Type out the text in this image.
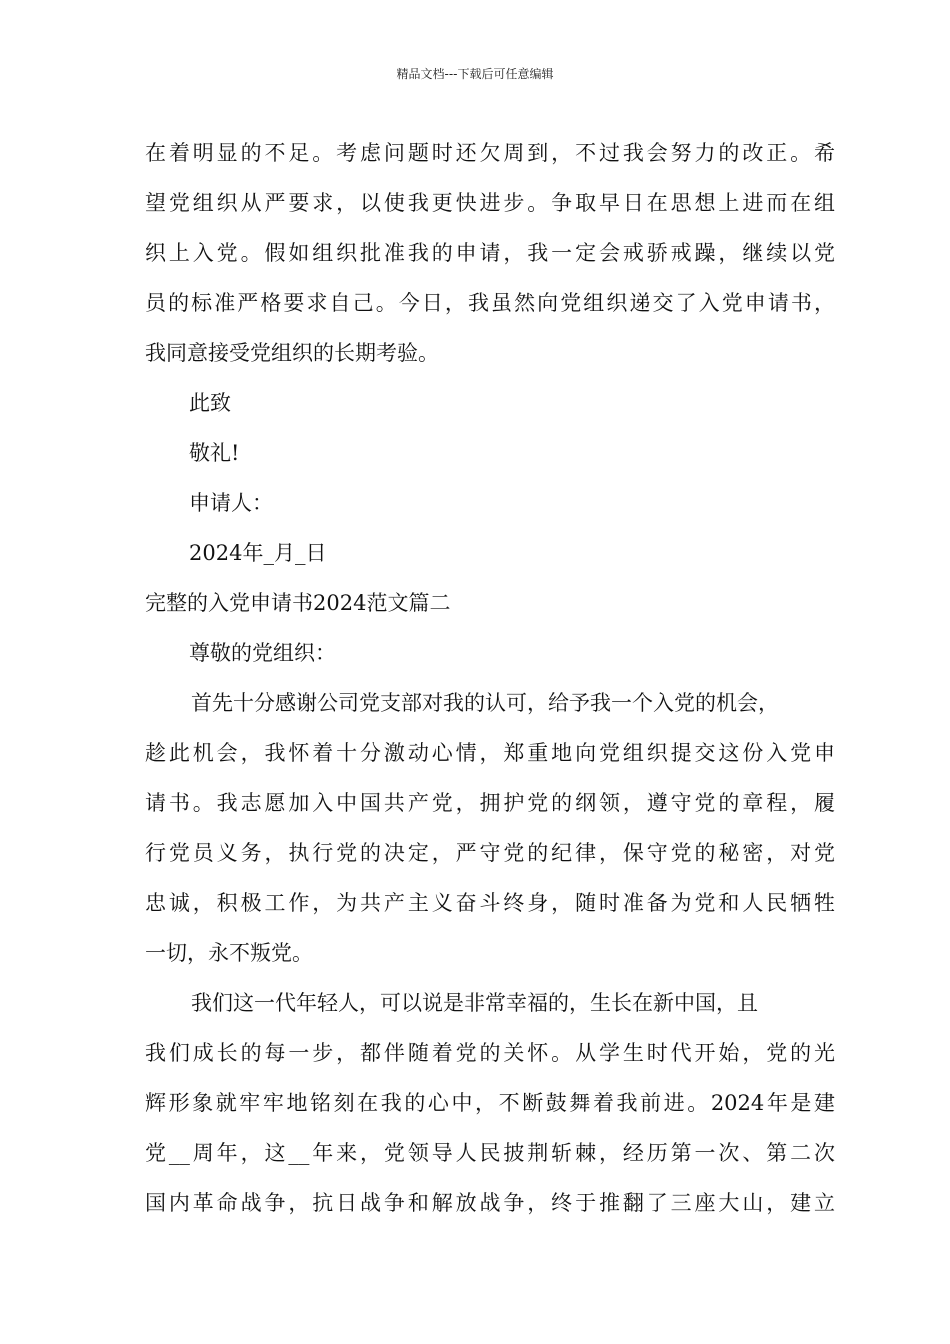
精品文档---下载后可任意编辑
在着明显的不足。考虑问题时还欠周到，不过我会努力的改正。希
望党组织从严要求，以使我更快进步。争取早日在思想上进而在组
织上入党。假如组织批准我的申请，我一定会戒骄戒躁，继续以党
员的标准严格要求自己。今日，我虽然向党组织递交了入党申请书，
我同意接受党组织的长期考验。
此致
敬礼!
申请人：
2024年_月_日
完整的入党申请书2024范文篇二
尊敬的党组织：
首先十分感谢公司党支部对我的认可，给予我一个入党的机会，
趁此机会，我怀着十分激动心情，郑重地向党组织提交这份入党申
请书。我志愿加入中国共产党，拥护党的纲领，遵守党的章程，履
行党员义务，执行党的决定，严守党的纪律，保守党的秘密，对党
忠诚，积极工作，为共产主义奋斗终身，随时准备为党和人民牺牲
一切，永不叛党。
我们这一代年轻人，可以说是非常幸福的，生长在新中国，且
我们成长的每一步，都伴随着党的关怀。从学生时代开始，党的光
辉形象就牢牢地铭刻在我的心中，不断鼓舞着我前进。2024年是建
党__周年，这__年来，党领导人民披荆斩棘，经历第一次、第二次
国内革命战争，抗日战争和解放战争，终于推翻了三座大山，建立
